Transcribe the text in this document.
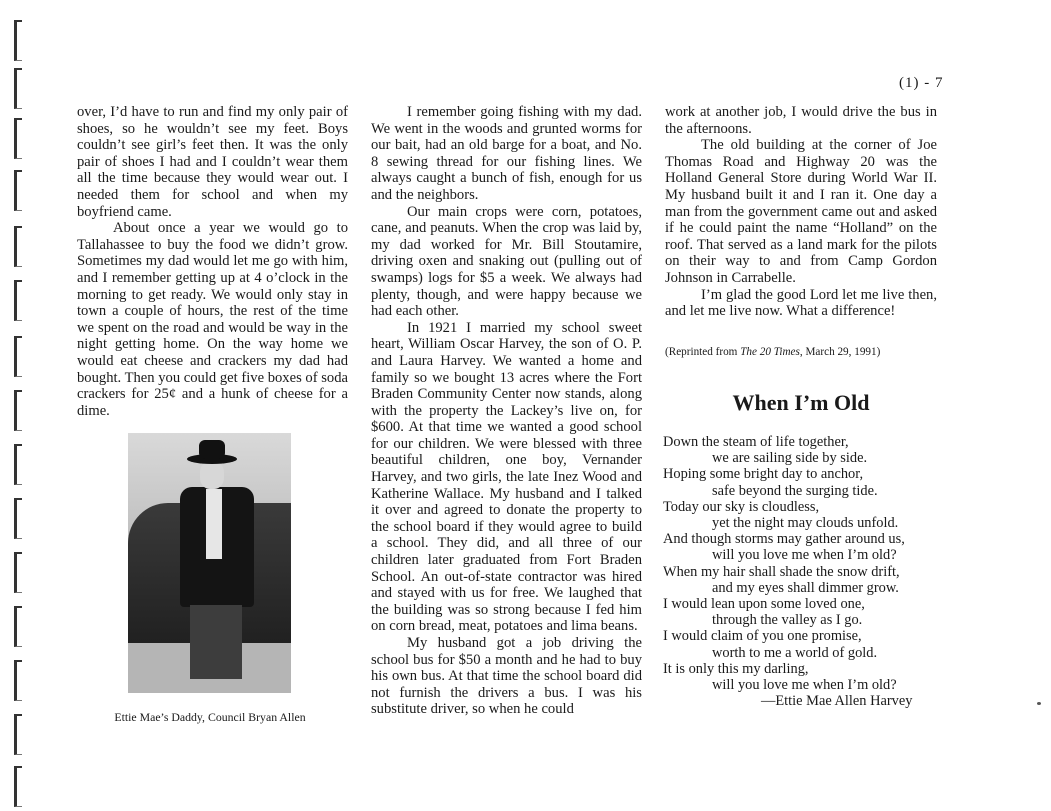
(1) - 7

over, I’d have to run and find my only pair of shoes, so he wouldn’t see my feet. Boys couldn’t see girl’s feet then. It was the only pair of shoes I had and I couldn’t wear them all the time because they would wear out. I needed them for school and when my boyfriend came.

About once a year we would go to Tallahassee to buy the food we didn’t grow. Sometimes my dad would let me go with him, and I remember getting up at 4 o’clock in the morning to get ready. We would only stay in town a couple of hours, the rest of the time we spent on the road and would be way in the night getting home. On the way home we would eat cheese and crackers my dad had bought. Then you could get five boxes of soda crackers for 25¢ and a hunk of cheese for a dime.

Ettie Mae’s Daddy, Council Bryan Allen

I remember going fishing with my dad. We went in the woods and grunted worms for our bait, had an old barge for a boat, and No. 8 sewing thread for our fishing lines. We always caught a bunch of fish, enough for us and the neighbors.

Our main crops were corn, potatoes, cane, and peanuts. When the crop was laid by, my dad worked for Mr. Bill Stoutamire, driving oxen and snaking out (pulling out of swamps) logs for $5 a week. We always had plenty, though, and were happy because we had each other.

In 1921 I married my school sweet heart, William Oscar Harvey, the son of O. P. and Laura Harvey. We wanted a home and family so we bought 13 acres where the Fort Braden Community Center now stands, along with the property the Lackey’s live on, for $600. At that time we wanted a good school for our children. We were blessed with three beautiful children, one boy, Vernander Harvey, and two girls, the late Inez Wood and Katherine Wallace. My husband and I talked it over and agreed to donate the property to the school board if they would agree to build a school. They did, and all three of our children later graduated from Fort Braden School. An out-of-state contractor was hired and stayed with us for free. We laughed that the building was so strong because I fed him on corn bread, meat, potatoes and lima beans.

My husband got a job driving the school bus for $50 a month and he had to buy his own bus. At that time the school board did not furnish the drivers a bus. I was his substitute driver, so when he could

work at another job, I would drive the bus in the afternoons.

The old building at the corner of Joe Thomas Road and Highway 20 was the Holland General Store during World War II. My husband built it and I ran it. One day a man from the government came out and asked if he could paint the name “Holland” on the roof. That served as a land mark for the pilots on their way to and from Camp Gordon Johnson in Carrabelle.

I’m glad the good Lord let me live then, and let me live now. What a difference!

(Reprinted from The 20 Times, March 29, 1991)
When I’m Old
Down the steam of life together,
we are sailing side by side.
Hoping some bright day to anchor,
safe beyond the surging tide.
Today our sky is cloudless,
yet the night may clouds unfold.
And though storms may gather around us,
will you love me when I’m old?
When my hair shall shade the snow drift,
and my eyes shall dimmer grow.
I would lean upon some loved one,
through the valley as I go.
I would claim of you one promise,
worth to me a world of gold.
It is only this my darling,
will you love me when I’m old?
—Ettie Mae Allen Harvey
